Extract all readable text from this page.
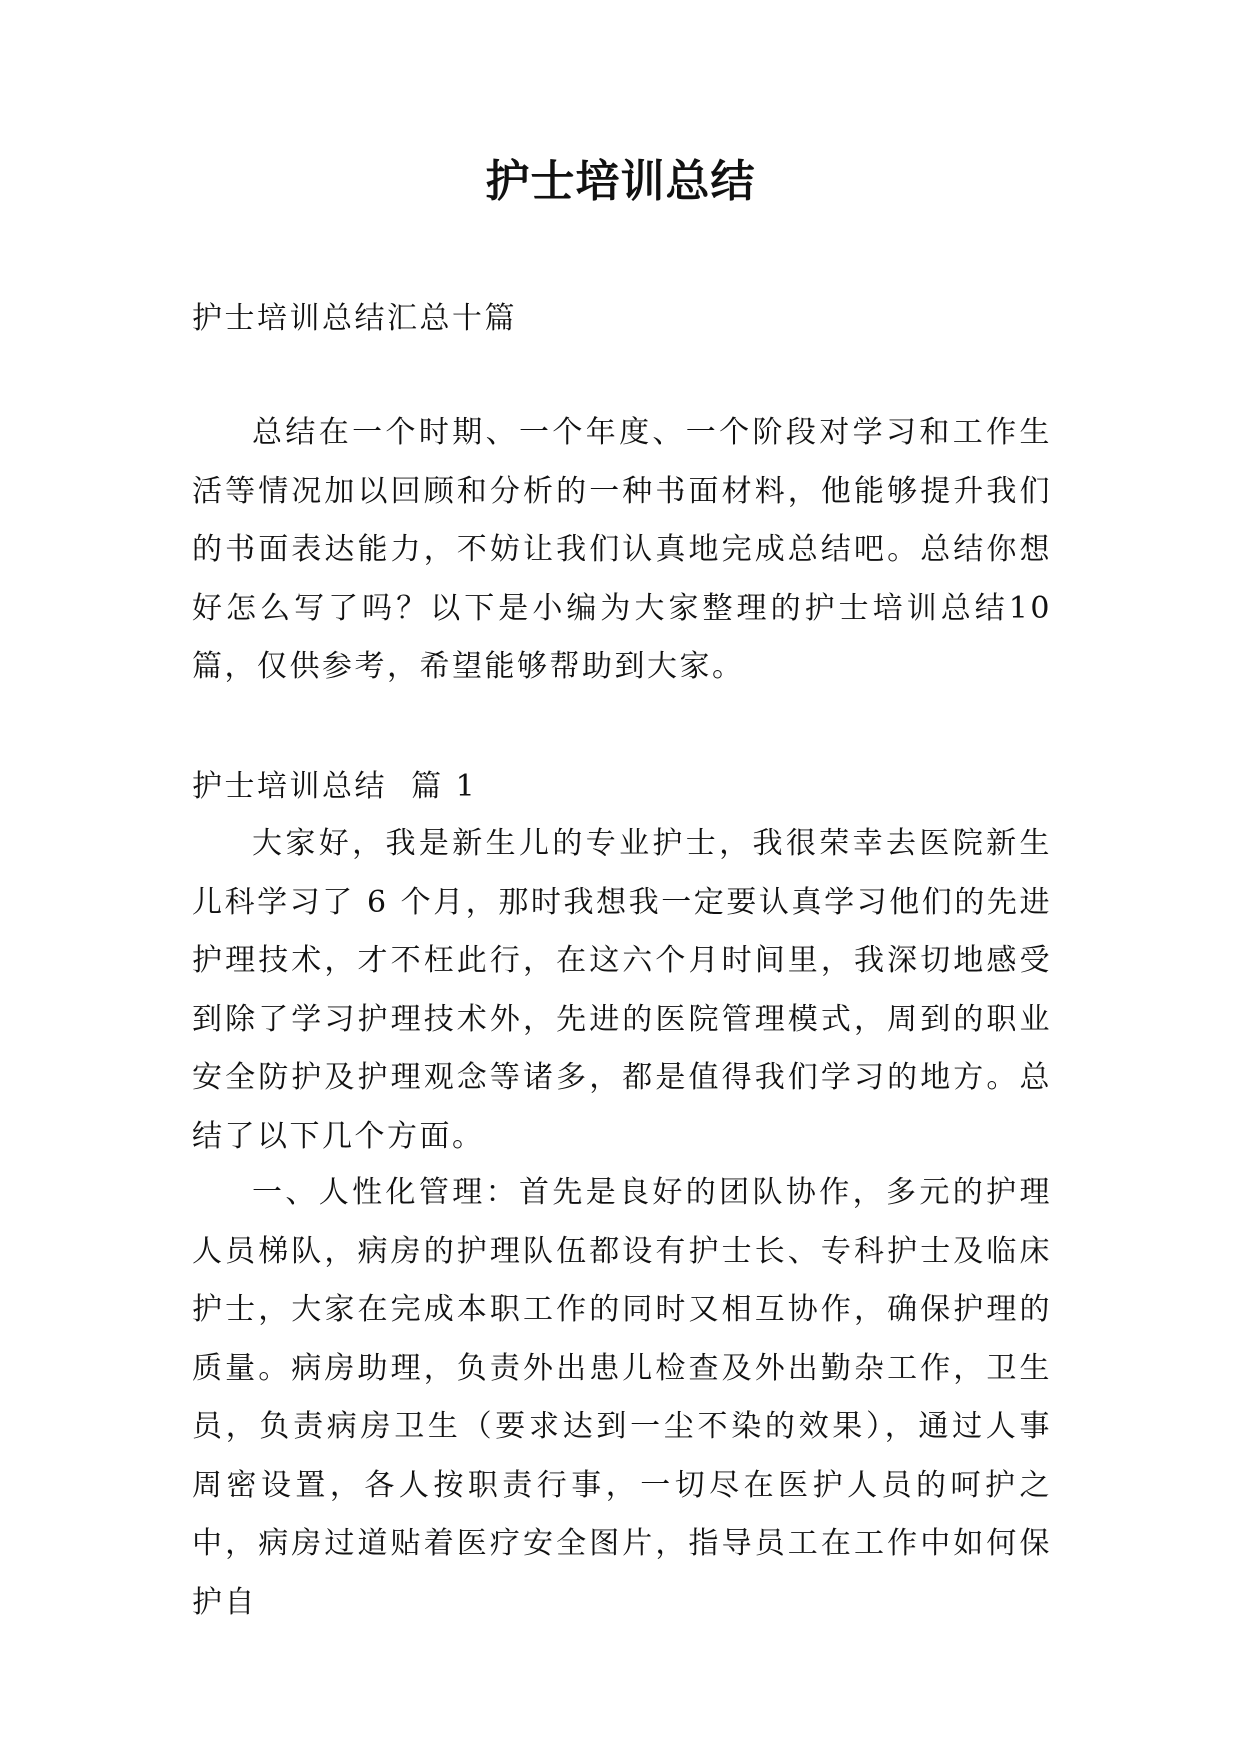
护士培训总结

护士培训总结汇总十篇

总结在一个时期、一个年度、一个阶段对学习和工作生活等情况加以回顾和分析的一种书面材料，他能够提升我们的书面表达能力，不妨让我们认真地完成总结吧。总结你想好怎么写了吗？以下是小编为大家整理的护士培训总结10篇，仅供参考，希望能够帮助到大家。

护士培训总结  篇 1

大家好，我是新生儿的专业护士，我很荣幸去医院新生儿科学习了 6 个月，那时我想我一定要认真学习他们的先进护理技术，才不枉此行，在这六个月时间里，我深切地感受到除了学习护理技术外，先进的医院管理模式，周到的职业安全防护及护理观念等诸多，都是值得我们学习的地方。总结了以下几个方面。

一、人性化管理：首先是良好的团队协作，多元的护理人员梯队，病房的护理队伍都设有护士长、专科护士及临床护士，大家在完成本职工作的同时又相互协作，确保护理的质量。病房助理，负责外出患儿检查及外出勤杂工作，卫生员，负责病房卫生（要求达到一尘不染的效果），通过人事周密设置，各人按职责行事，一切尽在医护人员的呵护之中，病房过道贴着医疗安全图片，指导员工在工作中如何保护自
